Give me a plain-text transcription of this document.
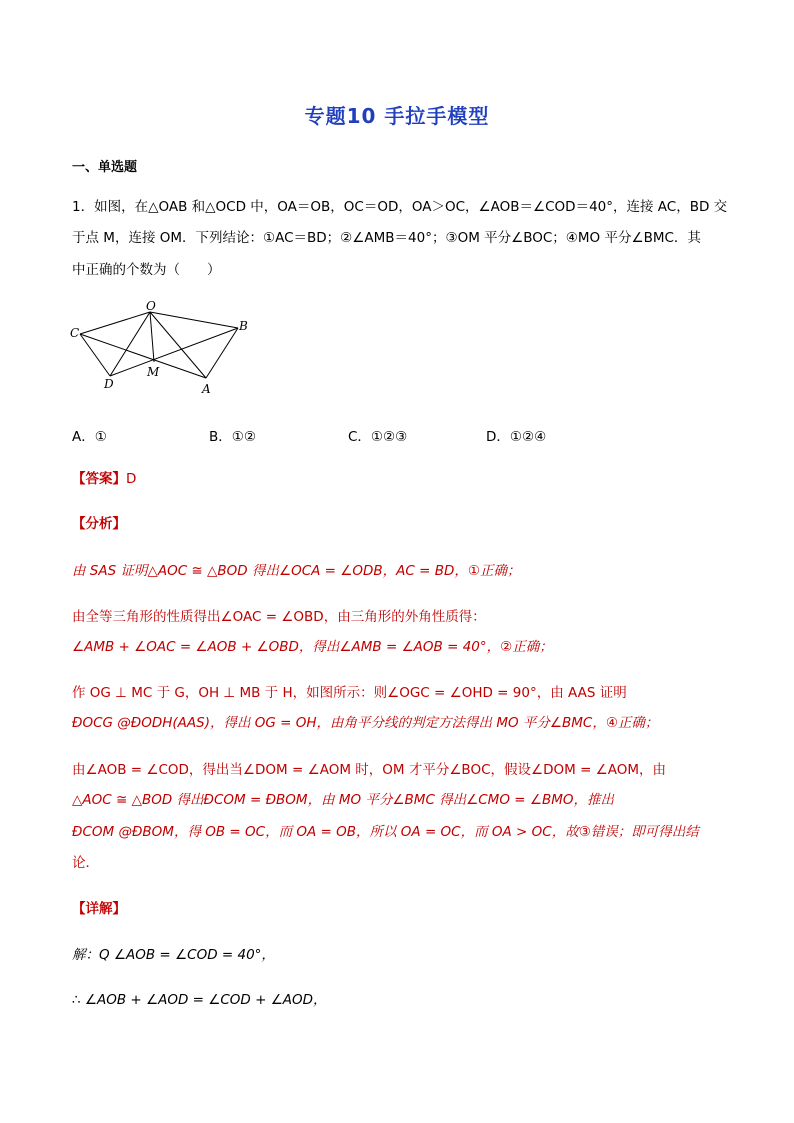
专题10 手拉手模型
一、单选题
1．如图，在△OAB 和△OCD 中，OA＝OB，OC＝OD，OA＞OC，∠AOB＝∠COD＝40°，连接 AC，BD 交
于点 M，连接 OM．下列结论：①AC＝BD；②∠AMB＝40°；③OM 平分∠BOC；④MO 平分∠BMC．其
中正确的个数为（　　）
O
B
C
D
M
A
A．①	B．①②	C．①②③	D．①②④
【答案】D
【分析】
由 SAS 证明△AOC ≅ △BOD 得出∠OCA = ∠ODB，AC = BD，①正确；
由全等三角形的性质得出∠OAC = ∠OBD，由三角形的外角性质得：
∠AMB + ∠OAC = ∠AOB + ∠OBD，得出∠AMB = ∠AOB = 40°，②正确；
作 OG ⊥ MC 于 G，OH ⊥ MB 于 H，如图所示：则∠OGC = ∠OHD = 90°，由 AAS 证明
ÐOCG @ÐODH(AAS)，得出 OG = OH，由角平分线的判定方法得出 MO 平分∠BMC，④正确；
由∠AOB = ∠COD，得出当∠DOM = ∠AOM 时，OM 才平分∠BOC，假设∠DOM = ∠AOM，由
△AOC ≅ △BOD 得出ÐCOM = ÐBOM，由 MO 平分∠BMC 得出∠CMO = ∠BMO，推出
ÐCOM @ÐBOM，得 OB = OC，而 OA = OB，所以 OA = OC，而 OA > OC，故③错误；即可得出结
论．
【详解】
解：Q ∠AOB = ∠COD = 40°，
∴ ∠AOB + ∠AOD = ∠COD + ∠AOD，
